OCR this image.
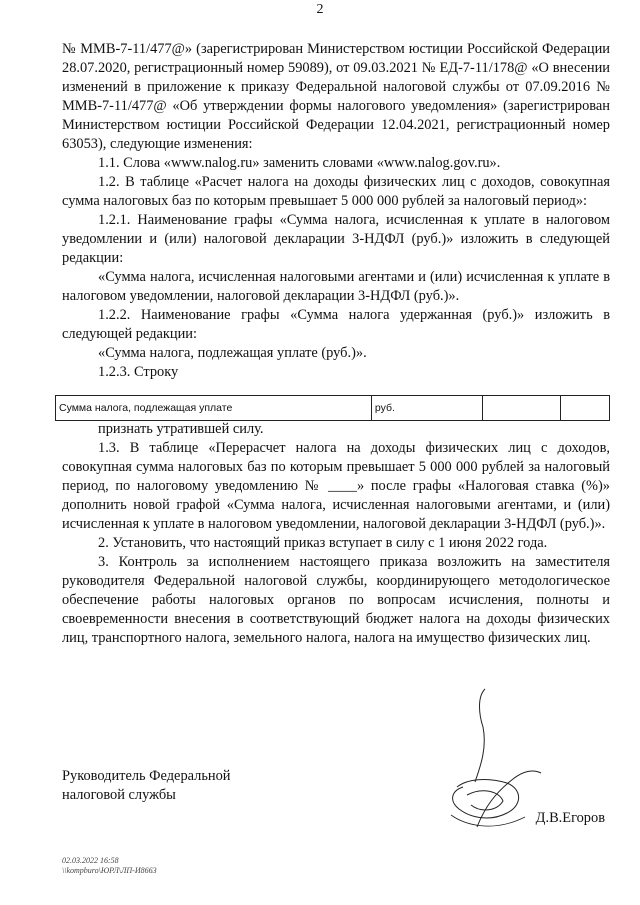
2

№ ММВ-7-11/477@» (зарегистрирован Министерством юстиции Российской Федерации 28.07.2020, регистрационный номер 59089), от 09.03.2021 № ЕД-7-11/178@ «О внесении изменений в приложение к приказу Федеральной налоговой службы от 07.09.2016 № ММВ-7-11/477@ «Об утверждении формы налогового уведомления» (зарегистрирован Министерством юстиции Российской Федерации 12.04.2021, регистрационный номер 63053), следующие изменения:

1.1. Слова «www.nalog.ru» заменить словами «www.nalog.gov.ru».

1.2. В таблице «Расчет налога на доходы физических лиц с доходов, совокупная сумма налоговых баз по которым превышает 5 000 000 рублей за налоговый период»:

1.2.1. Наименование графы «Сумма налога, исчисленная к уплате в налоговом уведомлении и (или) налоговой декларации 3-НДФЛ (руб.)» изложить в следующей редакции:

«Сумма налога, исчисленная налоговыми агентами и (или) исчисленная к уплате в налоговом уведомлении, налоговой декларации 3-НДФЛ (руб.)».

1.2.2. Наименование графы «Сумма налога удержанная (руб.)» изложить в следующей редакции:

«Сумма налога, подлежащая уплате (руб.)».

1.2.3. Строку

Сумма налога, подлежащая уплате	руб.		

признать утратившей силу.

1.3. В таблице «Перерасчет налога на доходы физических лиц с доходов, совокупная сумма налоговых баз по которым превышает 5 000 000 рублей за налоговый период, по налоговому уведомлению № ____» после графы «Налоговая ставка (%)» дополнить новой графой «Сумма налога, исчисленная налоговыми агентами, и (или) исчисленная к уплате в налоговом уведомлении, налоговой декларации 3-НДФЛ (руб.)».

2. Установить, что настоящий приказ вступает в силу с 1 июня 2022 года.

3. Контроль за исполнением настоящего приказа возложить на заместителя руководителя Федеральной налоговой службы, координирующего методологическое обеспечение работы налоговых органов по вопросам исчисления, полноты и своевременности внесения в соответствующий бюджет налога на доходы физических лиц, транспортного налога, земельного налога, налога на имущество физических лиц.

Руководитель Федеральной
налоговой службы
Д.В.Егоров
02.03.2022 16:58
\\kompburo\ЮРЛ\ЛП-И8663
